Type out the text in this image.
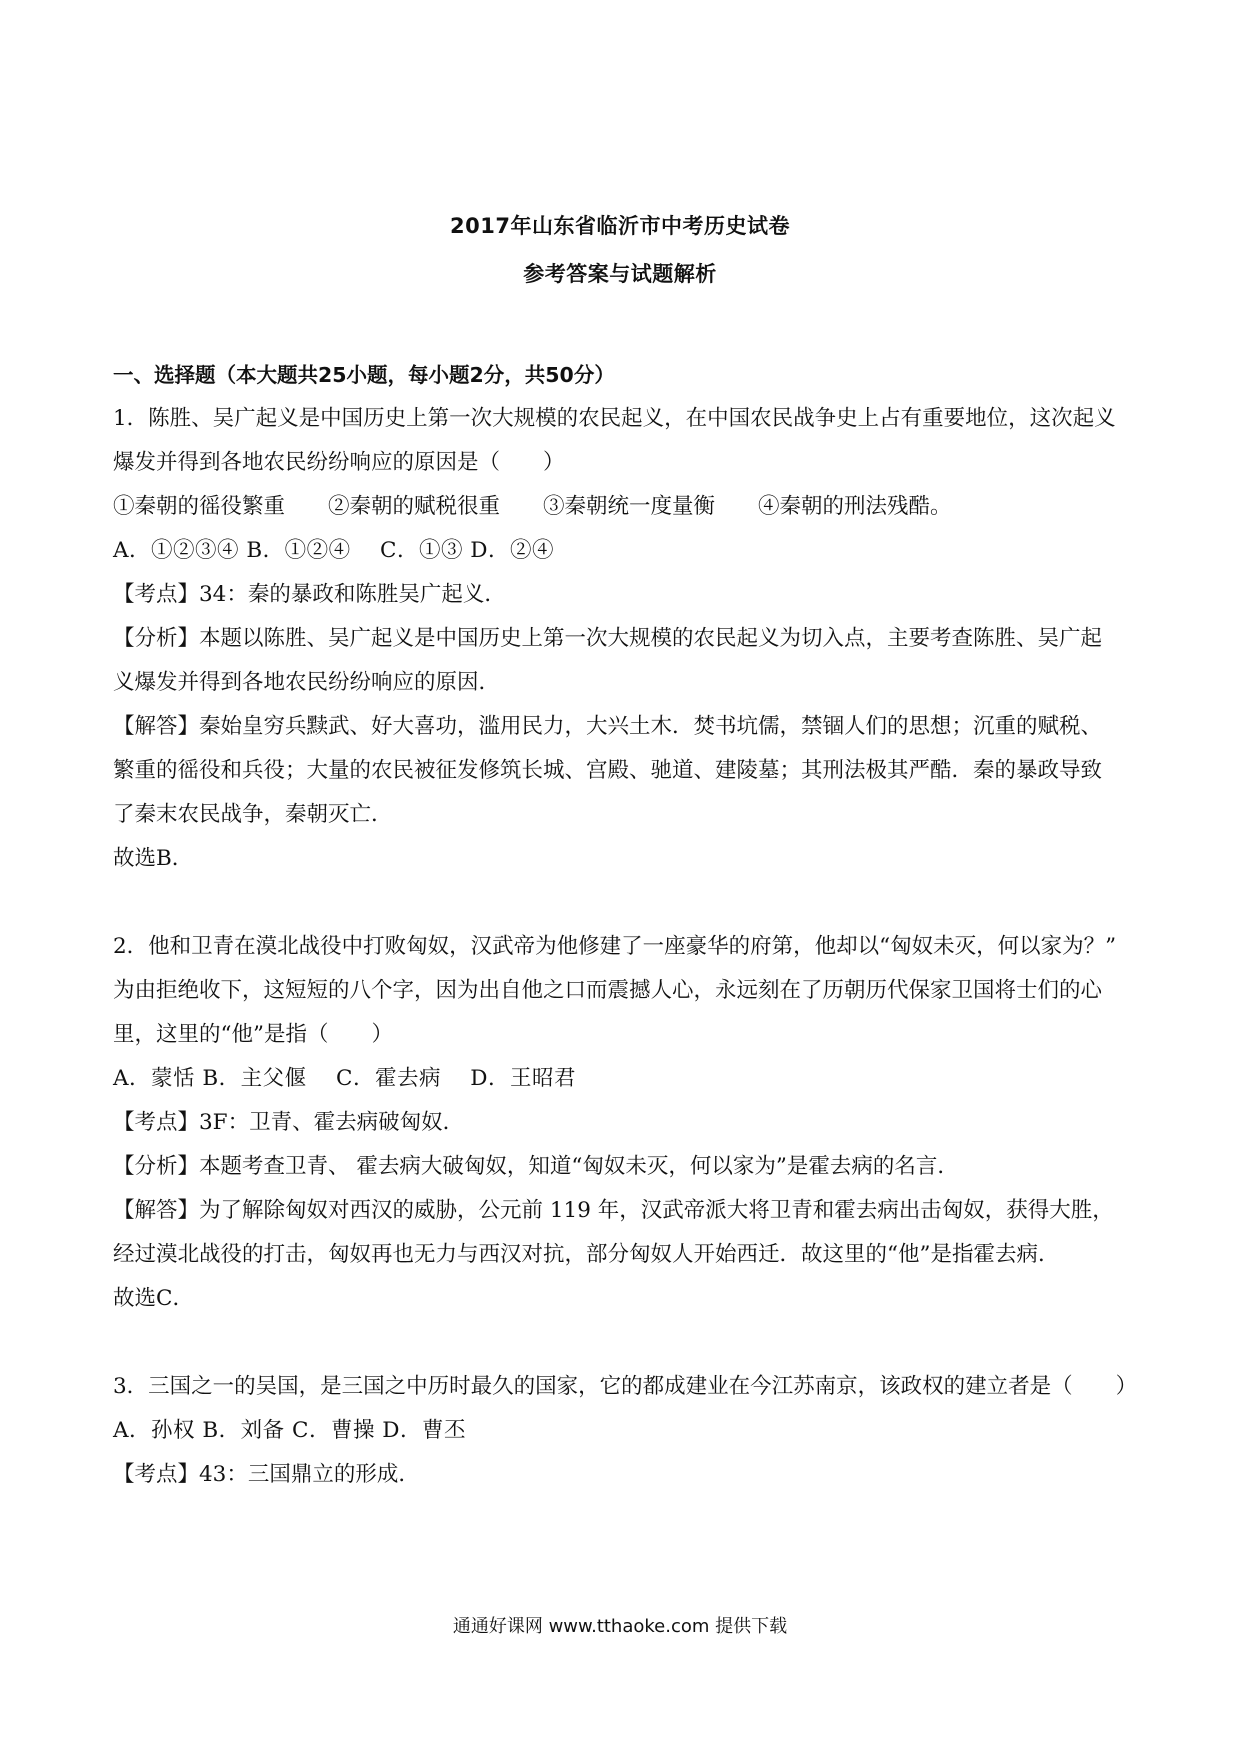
2017年山东省临沂市中考历史试卷
参考答案与试题解析

一、选择题（本大题共25小题，每小题2分，共50分）

1．陈胜、吴广起义是中国历史上第一次大规模的农民起义，在中国农民战争史上占有重要地位，这次起义

爆发并得到各地农民纷纷响应的原因是（　　）

①秦朝的徭役繁重　　②秦朝的赋税很重　　③秦朝统一度量衡　　④秦朝的刑法残酷。

A．①②③④ B．①②④　 C．①③ D．②④

【考点】34：秦的暴政和陈胜吴广起义．

【分析】本题以陈胜、吴广起义是中国历史上第一次大规模的农民起义为切入点，主要考查陈胜、吴广起

义爆发并得到各地农民纷纷响应的原因．

【解答】秦始皇穷兵黩武、好大喜功，滥用民力，大兴土木．焚书坑儒，禁锢人们的思想；沉重的赋税、

繁重的徭役和兵役；大量的农民被征发修筑长城、宫殿、驰道、建陵墓；其刑法极其严酷．秦的暴政导致

了秦末农民战争，秦朝灭亡．

故选B．

2．他和卫青在漠北战役中打败匈奴，汉武帝为他修建了一座豪华的府第，他却以“匈奴未灭，何以家为？”

为由拒绝收下，这短短的八个字，因为出自他之口而震撼人心，永远刻在了历朝历代保家卫国将士们的心

里，这里的“他”是指（　　）

A．蒙恬 B．主父偃　 C．霍去病　 D．王昭君

【考点】3F：卫青、霍去病破匈奴．

【分析】本题考查卫青、 霍去病大破匈奴，知道“匈奴未灭，何以家为”是霍去病的名言．

【解答】为了解除匈奴对西汉的威胁，公元前 119 年，汉武帝派大将卫青和霍去病出击匈奴，获得大胜，

经过漠北战役的打击，匈奴再也无力与西汉对抗，部分匈奴人开始西迁．故这里的“他”是指霍去病．

故选C．

3．三国之一的吴国，是三国之中历时最久的国家，它的都成建业在今江苏南京，该政权的建立者是（　　）

A．孙权 B．刘备 C．曹操 D．曹丕

【考点】43：三国鼎立的形成．

通通好课网 www.tthaoke.com 提供下载
